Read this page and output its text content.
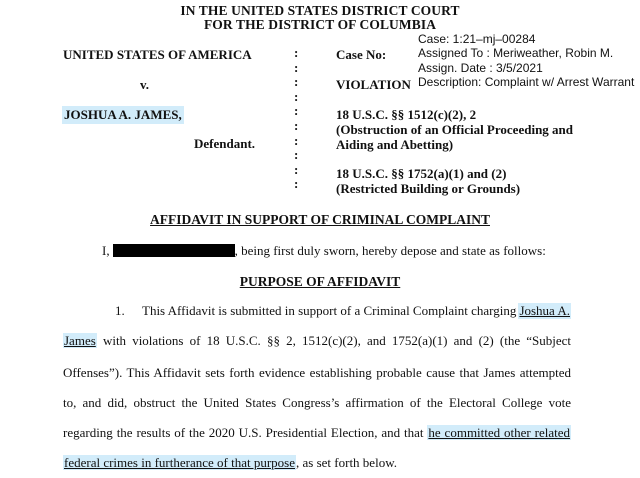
IN THE UNITED STATES DISTRICT COURT
FOR THE DISTRICT OF COLUMBIA
UNITED STATES OF AMERICA
v.
JOSHUA A. JAMES,
Defendant.
:
:
:
:
:
:
:
:
:
:
Case No:
VIOLATION
18 U.S.C. §§ 1512(c)(2), 2
(Obstruction of an Official Proceeding and
Aiding and Abetting)
18 U.S.C. §§ 1752(a)(1) and (2)
(Restricted Building or Grounds)
Case: 1:21–mj–00284
Assigned To : Meriweather, Robin M.
Assign. Date : 3/5/2021
Description: Complaint w/ Arrest Warrant
AFFIDAVIT IN SUPPORT OF CRIMINAL COMPLAINT
I,	, being first duly sworn, hereby depose and state as follows:
PURPOSE OF AFFIDAVIT
1. This Affidavit is submitted in support of a Criminal Complaint charging Joshua A.
James with violations of 18 U.S.C. §§ 2, 1512(c)(2), and 1752(a)(1) and (2) (the “Subject
Offenses”). This Affidavit sets forth evidence establishing probable cause that James attempted
to, and did, obstruct the United States Congress’s affirmation of the Electoral College vote
regarding the results of the 2020 U.S. Presidential Election, and that he committed other related
federal crimes in furtherance of that purpose, as set forth below.
